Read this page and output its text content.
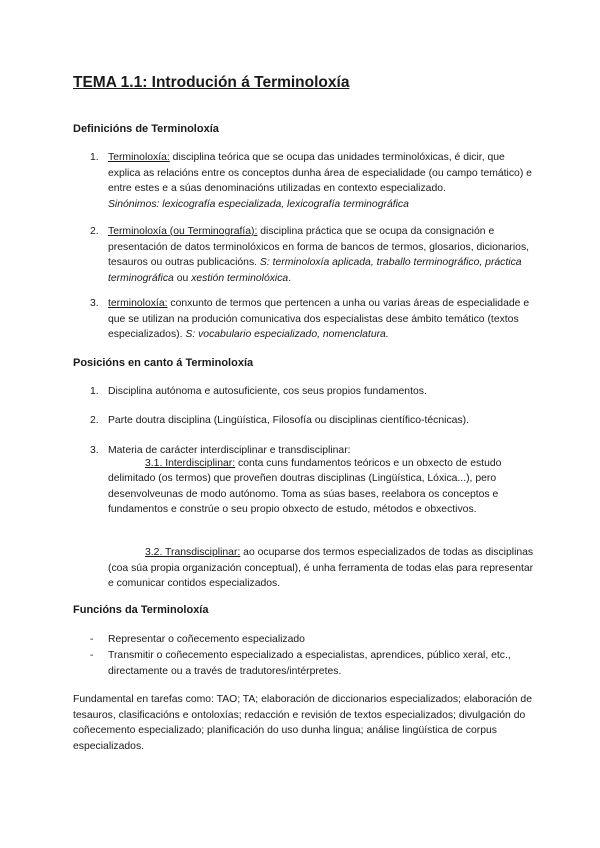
TEMA 1.1: Introdución á Terminoloxía
Definicións de Terminoloxía
1. Terminoloxía: disciplina teórica que se ocupa das unidades terminolóxicas, é dicir, que explica as relacións entre os conceptos dunha área de especialidade (ou campo temático) e entre estes e a súas denominacións utilizadas en contexto especializado.
Sinónimos: lexicografía especializada, lexicografía terminográfica
2. Terminoloxía (ou Terminografía): disciplina práctica que se ocupa da consignación e presentación de datos terminolóxicos en forma de bancos de termos, glosarios, dicionarios, tesauros ou outras publicacións. S: terminoloxía aplicada, traballo terminográfico, práctica terminográfica ou xestión terminolóxica.
3. terminoloxía: conxunto de termos que pertencen a unha ou varias áreas de especialidade e que se utilizan na produción comunicativa dos especialistas dese ámbito temático (textos especializados). S: vocabulario especializado, nomenclatura.
Posicións en canto á Terminoloxía
1. Disciplina autónoma e autosuficiente, cos seus propios fundamentos.
2. Parte doutra disciplina (Lingüística, Filosofía ou disciplinas científico-técnicas).
3. Materia de carácter interdisciplinar e transdisciplinar:
3.1. Interdisciplinar: conta cuns fundamentos teóricos e un obxecto de estudo delimitado (os termos) que proveñen doutras disciplinas (Lingüística, Lóxica...), pero desenvolveunas de modo autónomo. Toma as súas bases, reelabora os conceptos e fundamentos e constrúe o seu propio obxecto de estudo, métodos e obxectivos.
3.2. Transdisciplinar: ao ocuparse dos termos especializados de todas as disciplinas (coa súa propia organización conceptual), é unha ferramenta de todas elas para representar e comunicar contidos especializados.
Funcións da Terminoloxía
- Representar o coñecemento especializado
- Transmitir o coñecemento especializado a especialistas, aprendices, público xeral, etc., directamente ou a través de tradutores/intérpretes.
Fundamental en tarefas como: TAO; TA; elaboración de diccionarios especializados; elaboración de tesauros, clasificacións e ontoloxías; redacción e revisión de textos especializados; divulgación do coñecemento especializado; planificación do uso dunha lingua; análise lingüística de corpus especializados.
